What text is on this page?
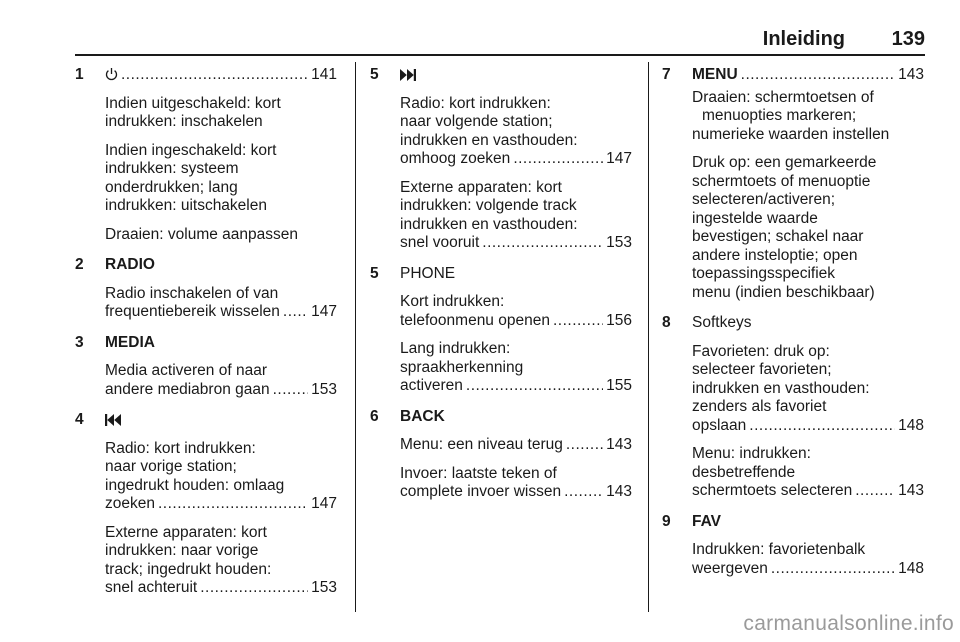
Inleiding 139
1 .....	141
Indien uitgeschakeld: kort
indrukken: inschakelen
Indien ingeschakeld: kort
indrukken: systeem
onderdrukken; lang
indrukken: uitschakelen
Draaien: volume aanpassen
2 RADIO
Radio inschakelen of van
frequentiebereik wisselen ..... 147
3 MEDIA
Media activeren of naar
andere mediabron gaan .....	153
4
Radio: kort indrukken:
naar vorige station;
ingedrukt houden: omlaag
zoeken .....	147
Externe apparaten: kort
indrukken: naar vorige
track; ingedrukt houden:
snel achteruit .....	153
5
Radio: kort indrukken:
naar volgende station;
indrukken en vasthouden:
omhoog zoeken .....	147
Externe apparaten: kort
indrukken: volgende track
indrukken en vasthouden:
snel vooruit .....	153
5 PHONE
Kort indrukken:
telefoonmenu openen .....	156
Lang indrukken:
spraakherkenning
activeren .....	155
6 BACK
Menu: een niveau terug .....	143
Invoer: laatste teken of
complete invoer wissen .....	143
7 MENU .....	143
Draaien: schermtoetsen of
menuopties markeren;
numerieke waarden instellen
Druk op: een gemarkeerde
schermtoets of menuoptie
selecteren/activeren;
ingestelde waarde
bevestigen; schakel naar
andere insteloptie; open
toepassingsspecifiek
menu (indien beschikbaar)
8 Softkeys
Favorieten: druk op:
selecteer favorieten;
indrukken en vasthouden:
zenders als favoriet
opslaan .....	148
Menu: indrukken:
desbetreffende
schermtoets selecteren .....	143
9 FAV
Indrukken: favorietenbalk
weergeven .....	148
carmanualsonline.info
